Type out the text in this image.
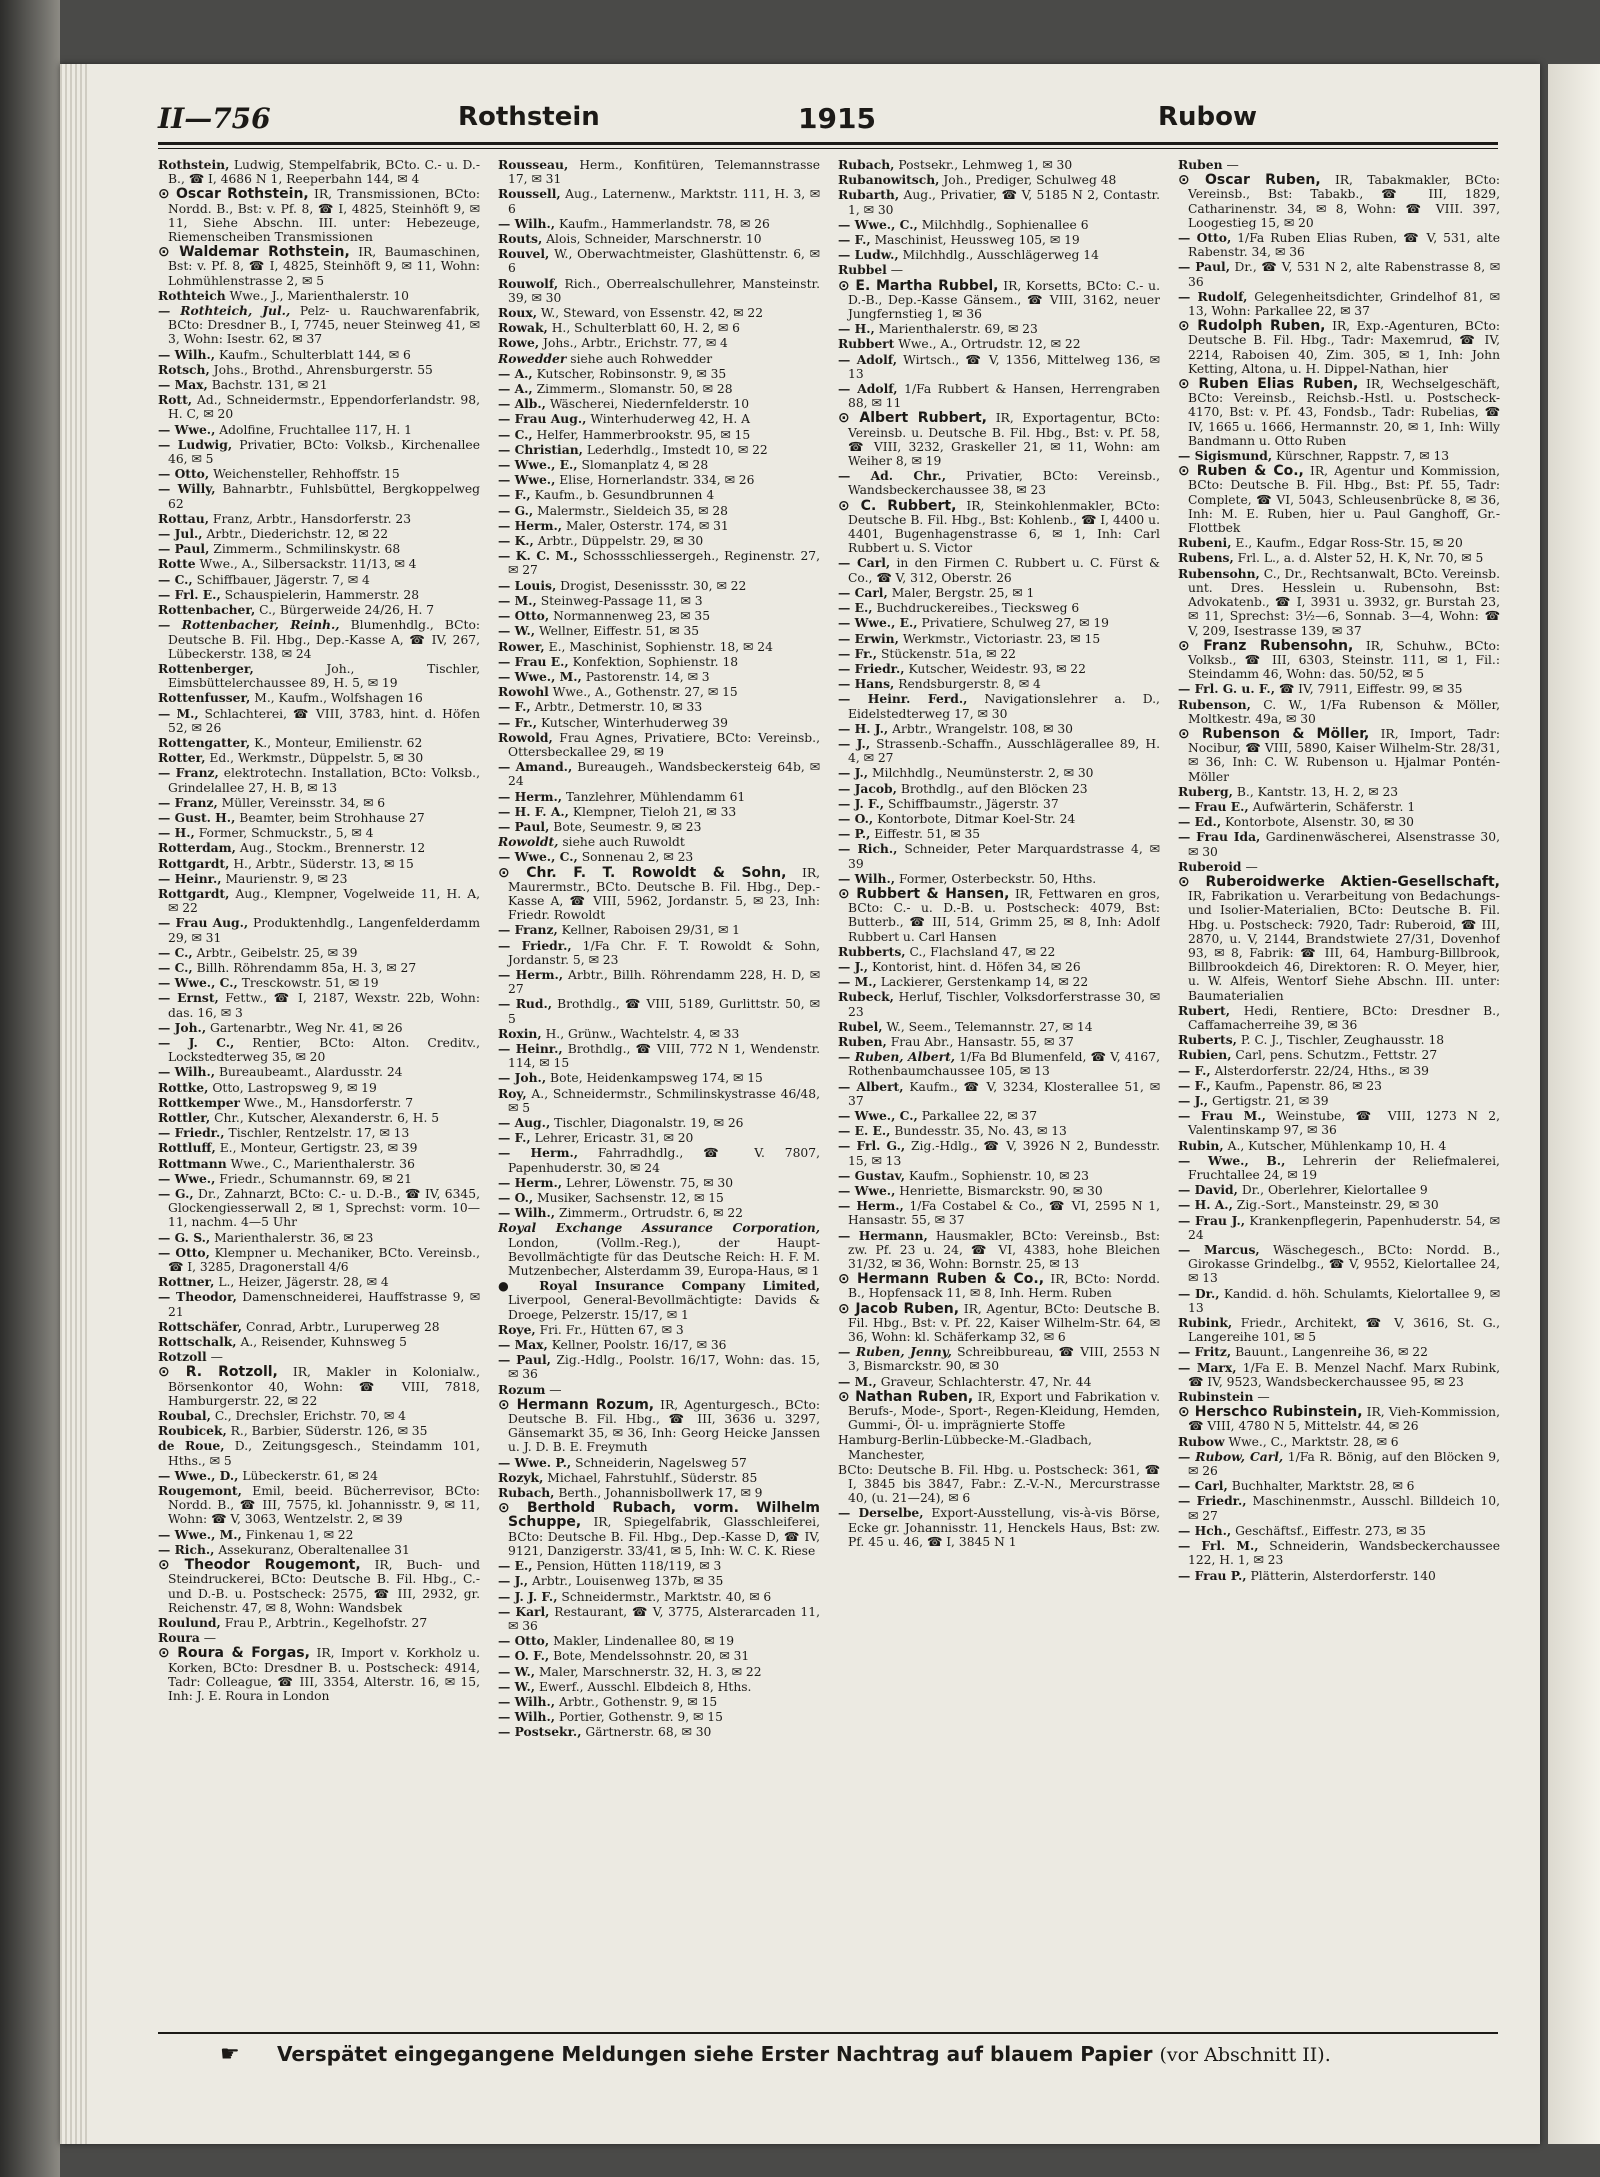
II—756	Rothstein	1915	Rubow
Rothstein, Ludwig, Stempelfabrik, BCto. C.- u. D.-B., ☎ I, 4686 N 1, Reeperbahn 144, ✉ 4
⊙ Oscar Rothstein, IR, Transmissionen, BCto: Nordd. B., Bst: v. Pf. 8, ☎ I, 4825, Steinhöft 9, ✉ 11, Siehe Abschn. III. unter: Hebezeuge, Riemenscheiben Transmissionen
⊙ Waldemar Rothstein, IR, Baumaschinen, Bst: v. Pf. 8, ☎ I, 4825, Steinhöft 9, ✉ 11, Wohn: Lohmühlenstrasse 2, ✉ 5
Rothteich Wwe., J., Marienthalerstr. 10
— Rothteich, Jul., Pelz- u. Rauchwarenfabrik, BCto: Dresdner B., I, 7745, neuer Steinweg 41, ✉ 3, Wohn: Isestr. 62, ✉ 37
— Wilh., Kaufm., Schulterblatt 144, ✉ 6
Rotsch, Johs., Brothd., Ahrensburgerstr. 55
— Max, Bachstr. 131, ✉ 21
Rott, Ad., Schneidermstr., Eppendorferlandstr. 98, H. C, ✉ 20
— Wwe., Adolfine, Fruchtallee 117, H. 1
— Ludwig, Privatier, BCto: Volksb., Kirchenallee 46, ✉ 5
— Otto, Weichensteller, Rehhoffstr. 15
— Willy, Bahnarbtr., Fuhlsbüttel, Bergkoppelweg 62
Rottau, Franz, Arbtr., Hansdorferstr. 23
— Jul., Arbtr., Diederichstr. 12, ✉ 22
— Paul, Zimmerm., Schmilinskystr. 68
Rotte Wwe., A., Silbersackstr. 11/13, ✉ 4
— C., Schiffbauer, Jägerstr. 7, ✉ 4
— Frl. E., Schauspielerin, Hammerstr. 28
Rottenbacher, C., Bürgerweide 24/26, H. 7
— Rottenbacher, Reinh., Blumenhdlg., BCto: Deutsche B. Fil. Hbg., Dep.-Kasse A, ☎ IV, 267, Lübeckerstr. 138, ✉ 24
Rottenberger,	Joh., Tischler, Eimsbüttelerchaussee 89, H. 5, ✉ 19
Rottenfusser, M., Kaufm., Wolfshagen 16
— M., Schlachterei, ☎ VIII, 3783, hint. d. Höfen 52, ✉ 26
Rottengatter, K., Monteur, Emilienstr. 62
Rotter, Ed., Werkmstr., Düppelstr. 5, ✉ 30
— Franz, elektrotechn. Installation, BCto: Volksb., Grindelallee 27, H. B, ✉ 13
— Franz, Müller, Vereinsstr. 34, ✉ 6
— Gust. H., Beamter, beim Strohhause 27
— H., Former, Schmuckstr., 5, ✉ 4
Rotterdam, Aug., Stockm., Brennerstr. 12
Rottgardt, H., Arbtr., Süderstr. 13, ✉ 15
— Heinr., Maurienstr. 9, ✉ 23
Rottgardt, Aug., Klempner, Vogelweide 11, H. A, ✉ 22
— Frau Aug., Produktenhdlg., Langenfelderdamm 29, ✉ 31
— C., Arbtr., Geibelstr. 25, ✉ 39
— C., Billh. Röhrendamm 85a, H. 3, ✉ 27
— Wwe., C., Tresckowstr. 51, ✉ 19
— Ernst, Fettw., ☎ I, 2187, Wexstr. 22b, Wohn: das. 16, ✉ 3
— Joh., Gartenarbtr., Weg Nr. 41, ✉ 26
— J. C., Rentier, BCto: Alton. Creditv., Lockstedterweg 35, ✉ 20
— Wilh., Bureaubeamt., Alardusstr. 24
Rottke, Otto, Lastropsweg 9, ✉ 19
Rottkemper Wwe., M., Hansdorferstr. 7
Rottler, Chr., Kutscher, Alexanderstr. 6, H. 5
— Friedr., Tischler, Rentzelstr. 17, ✉ 13
Rottluff, E., Monteur, Gertigstr. 23, ✉ 39
Rottmann Wwe., C., Marienthalerstr. 36
— Wwe., Friedr., Schumannstr. 69, ✉ 21
— G., Dr., Zahnarzt, BCto: C.- u. D.-B., ☎ IV, 6345, Glockengiesserwall 2, ✉ 1, Sprechst: vorm. 10—11, nachm. 4—5 Uhr
— G. S., Marienthalerstr. 36, ✉ 23
— Otto, Klempner u. Mechaniker, BCto. Vereinsb., ☎ I, 3285, Dragonerstall 4/6
Rottner, L., Heizer, Jägerstr. 28, ✉ 4
— Theodor, Damenschneiderei, Hauffstrasse 9, ✉ 21
Rottschäfer, Conrad, Arbtr., Luruperweg 28
Rottschalk, A., Reisender, Kuhnsweg 5
Rotzoll —
⊙ R. Rotzoll, IR, Makler in Kolonialw., Börsenkontor 40, Wohn: ☎ VIII, 7818, Hamburgerstr. 22, ✉ 22
Roubal, C., Drechsler, Erichstr. 70, ✉ 4
Roubicek, R., Barbier, Süderstr. 126, ✉ 35
de Roue, D., Zeitungsgesch., Steindamm 101, Hths., ✉ 5
— Wwe., D., Lübeckerstr. 61, ✉ 24
Rougemont, Emil, beeid. Bücherrevisor, BCto: Nordd. B., ☎ III, 7575, kl. Johannisstr. 9, ✉ 11, Wohn: ☎ V, 3063, Wentzelstr. 2, ✉ 39
— Wwe., M., Finkenau 1, ✉ 22
— Rich., Assekuranz, Oberaltenallee 31
⊙ Theodor Rougemont, IR, Buch- und Steindruckerei, BCto: Deutsche B. Fil. Hbg., C.- und D.-B. u. Postscheck: 2575, ☎ III, 2932, gr. Reichenstr. 47, ✉ 8, Wohn: Wandsbek
Roulund, Frau P., Arbtrin., Kegelhofstr. 27
Roura —
⊙ Roura & Forgas, IR, Import v. Korkholz u. Korken, BCto: Dresdner B. u. Postscheck: 4914, Tadr: Colleague, ☎ III, 3354, Alterstr. 16, ✉ 15, Inh: J. E. Roura in London
Rousseau, Herm., Konfitüren, Telemannstrasse 17, ✉ 31
Roussell, Aug., Laternenw., Marktstr. 111, H. 3, ✉ 6
— Wilh., Kaufm., Hammerlandstr. 78, ✉ 26
Routs, Alois, Schneider, Marschnerstr. 10
Rouvel, W., Oberwachtmeister, Glashüttenstr. 6, ✉ 6
Rouwolf, Rich., Oberrealschullehrer, Mansteinstr. 39, ✉ 30
Roux, W., Steward, von Essenstr. 42, ✉ 22
Rowak, H., Schulterblatt 60, H. 2, ✉ 6
Rowe, Johs., Arbtr., Erichstr. 77, ✉ 4
Rowedder siehe auch Rohwedder
— A., Kutscher, Robinsonstr. 9, ✉ 35
— A., Zimmerm., Slomanstr. 50, ✉ 28
— Alb., Wäscherei, Niedernfelderstr. 10
— Frau Aug., Winterhuderweg 42, H. A
— C., Helfer, Hammerbrookstr. 95, ✉ 15
— Christian, Lederhdlg., Imstedt 10, ✉ 22
— Wwe., E., Slomanplatz 4, ✉ 28
— Wwe., Elise, Hornerlandstr. 334, ✉ 26
— F., Kaufm., b. Gesundbrunnen 4
— G., Malermstr., Sieldeich 35, ✉ 28
— Herm., Maler, Osterstr. 174, ✉ 31
— K., Arbtr., Düppelstr. 29, ✉ 30
— K. C. M., Schossschliessergeh., Reginenstr. 27, ✉ 27
— Louis, Drogist, Desenissstr. 30, ✉ 22
— M., Steinweg-Passage 11, ✉ 3
— Otto, Normannenweg 23, ✉ 35
— W., Wellner, Eiffestr. 51, ✉ 35
Rower, E., Maschinist, Sophienstr. 18, ✉ 24
— Frau E., Konfektion, Sophienstr. 18
— Wwe., M., Pastorenstr. 14, ✉ 3
Rowohl Wwe., A., Gothenstr. 27, ✉ 15
— F., Arbtr., Detmerstr. 10, ✉ 33
— Fr., Kutscher, Winterhuderweg 39
Rowold, Frau Agnes, Privatiere, BCto: Vereinsb., Ottersbeckallee 29, ✉ 19
— Amand., Bureaugeh., Wandsbeckersteig 64b, ✉ 24
— Herm., Tanzlehrer, Mühlendamm 61
— H. F. A., Klempner, Tieloh 21, ✉ 33
— Paul, Bote, Seumestr. 9, ✉ 23
Rowoldt, siehe auch Ruwoldt
— Wwe., C., Sonnenau 2, ✉ 23
⊙ Chr. F. T. Rowoldt & Sohn, IR, Maurermstr., BCto. Deutsche B. Fil. Hbg., Dep.-Kasse A, ☎ VIII, 5962, Jordanstr. 5, ✉ 23, Inh: Friedr. Rowoldt
— Franz, Kellner, Raboisen 29/31, ✉ 1
— Friedr., 1/Fa Chr. F. T. Rowoldt & Sohn, Jordanstr. 5, ✉ 23
— Herm., Arbtr., Billh. Röhrendamm 228, H. D, ✉ 27
— Rud., Brothdlg., ☎ VIII, 5189, Gurlittstr. 50, ✉ 5
Roxin, H., Grünw., Wachtelstr. 4, ✉ 33
— Heinr., Brothdlg., ☎ VIII, 772 N 1, Wendenstr. 114, ✉ 15
— Joh., Bote, Heidenkampsweg 174, ✉ 15
Roy, A., Schneidermstr., Schmilinskystrasse 46/48, ✉ 5
— Aug., Tischler, Diagonalstr. 19, ✉ 26
— F., Lehrer, Ericastr. 31, ✉ 20
— Herm., Fahrradhdlg., ☎ V. 7807, Papenhuderstr. 30, ✉ 24
— Herm., Lehrer, Löwenstr. 75, ✉ 30
— O., Musiker, Sachsenstr. 12, ✉ 15
— Wilh., Zimmerm., Ortrudstr. 6, ✉ 22
Royal Exchange Assurance Corporation, London, (Vollm.-Reg.), der Haupt-Bevollmächtigte für das Deutsche Reich: H. F. M. Mutzenbecher, Alsterdamm 39, Europa-Haus, ✉ 1
● Royal Insurance Company Limited, Liverpool, General-Bevollmächtigte: Davids & Droege, Pelzerstr. 15/17, ✉ 1
Roye, Fri. Fr., Hütten 67, ✉ 3
— Max, Kellner, Poolstr. 16/17, ✉ 36
— Paul, Zig.-Hdlg., Poolstr. 16/17, Wohn: das. 15, ✉ 36
Rozum —
⊙ Hermann Rozum, IR, Agenturgesch., BCto: Deutsche B. Fil. Hbg., ☎ III, 3636 u. 3297, Gänsemarkt 35, ✉ 36, Inh: Georg Heicke Janssen u. J. D. B. E. Freymuth
— Wwe. P., Schneiderin, Nagelsweg 57
Rozyk, Michael, Fahrstuhlf., Süderstr. 85
Rubach, Berth., Johannisbollwerk 17, ✉ 9
⊙ Berthold Rubach, vorm. Wilhelm Schuppe, IR, Spiegelfabrik, Glasschleiferei, BCto: Deutsche B. Fil. Hbg., Dep.-Kasse D, ☎ IV, 9121, Danzigerstr. 33/41, ✉ 5, Inh: W. C. K. Riese
— E., Pension, Hütten 118/119, ✉ 3
— J., Arbtr., Louisenweg 137b, ✉ 35
— J. J. F., Schneidermstr., Marktstr. 40, ✉ 6
— Karl, Restaurant, ☎ V, 3775, Alsterarcaden 11, ✉ 36
— Otto, Makler, Lindenallee 80, ✉ 19
— O. F., Bote, Mendelssohnstr. 20, ✉ 31
— W., Maler, Marschnerstr. 32, H. 3, ✉ 22
— W., Ewerf., Ausschl. Elbdeich 8, Hths.
— Wilh., Arbtr., Gothenstr. 9, ✉ 15
— Wilh., Portier, Gothenstr. 9, ✉ 15
— Postsekr., Gärtnerstr. 68, ✉ 30
Rubach, Postsekr., Lehmweg 1, ✉ 30
Rubanowitsch, Joh., Prediger, Schulweg 48
Rubarth, Aug., Privatier, ☎ V, 5185 N 2, Contastr. 1, ✉ 30
— Wwe., C., Milchhdlg., Sophienallee 6
— F., Maschinist, Heussweg 105, ✉ 19
— Ludw., Milchhdlg., Ausschlägerweg 14
Rubbel —
⊙ E. Martha Rubbel, IR, Korsetts, BCto: C.- u. D.-B., Dep.-Kasse Gänsem., ☎ VIII, 3162, neuer Jungfernstieg 1, ✉ 36
— H., Marienthalerstr. 69, ✉ 23
Rubbert Wwe., A., Ortrudstr. 12, ✉ 22
— Adolf, Wirtsch., ☎ V, 1356, Mittelweg 136, ✉ 13
— Adolf, 1/Fa Rubbert & Hansen, Herrengraben 88, ✉ 11
⊙ Albert Rubbert, IR, Exportagentur, BCto: Vereinsb. u. Deutsche B. Fil. Hbg., Bst: v. Pf. 58, ☎ VIII, 3232, Graskeller 21, ✉ 11, Wohn: am Weiher 8, ✉ 19
— Ad. Chr., Privatier, BCto: Vereinsb., Wandsbeckerchaussee 38, ✉ 23
⊙ C. Rubbert, IR, Steinkohlenmakler, BCto: Deutsche B. Fil. Hbg., Bst: Kohlenb., ☎ I, 4400 u. 4401, Bugenhagenstrasse 6, ✉ 1, Inh: Carl Rubbert u. S. Victor
— Carl, in den Firmen C. Rubbert u. C. Fürst & Co., ☎ V, 312, Oberstr. 26
— Carl, Maler, Bergstr. 25, ✉ 1
— E., Buchdruckereibes., Tiecksweg 6
— Wwe., E., Privatiere, Schulweg 27, ✉ 19
— Erwin, Werkmstr., Victoriastr. 23, ✉ 15
— Fr., Stückenstr. 51a, ✉ 22
— Friedr., Kutscher, Weidestr. 93, ✉ 22
— Hans, Rendsburgerstr. 8, ✉ 4
— Heinr. Ferd., Navigationslehrer a. D., Eidelstedterweg 17, ✉ 30
— H. J., Arbtr., Wrangelstr. 108, ✉ 30
— J., Strassenb.-Schaffn., Ausschlägerallee 89, H. 4, ✉ 27
— J., Milchhdlg., Neumünsterstr. 2, ✉ 30
— Jacob, Brothdlg., auf den Blöcken 23
— J. F., Schiffbaumstr., Jägerstr. 37
— O., Kontorbote, Ditmar Koel-Str. 24
— P., Eiffestr. 51, ✉ 35
— Rich., Schneider, Peter Marquardstrasse 4, ✉ 39
— Wilh., Former, Osterbeckstr. 50, Hths.
⊙ Rubbert & Hansen, IR, Fettwaren en gros, BCto: C.- u. D.-B. u. Postscheck: 4079, Bst: Butterb., ☎ III, 514, Grimm 25, ✉ 8, Inh: Adolf Rubbert u. Carl Hansen
Rubberts, C., Flachsland 47, ✉ 22
— J., Kontorist, hint. d. Höfen 34, ✉ 26
— M., Lackierer, Gerstenkamp 14, ✉ 22
Rubeck, Herluf, Tischler, Volksdorferstrasse 30, ✉ 23
Rubel, W., Seem., Telemannstr. 27, ✉ 14
Ruben, Frau Abr., Hansastr. 55, ✉ 37
— Ruben, Albert, 1/Fa Bd Blumenfeld, ☎ V, 4167, Rothenbaumchaussee 105, ✉ 13
— Albert, Kaufm., ☎ V, 3234, Klosterallee 51, ✉ 37
— Wwe., C., Parkallee 22, ✉ 37
— E. E., Bundesstr. 35, No. 43, ✉ 13
— Frl. G., Zig.-Hdlg., ☎ V, 3926 N 2, Bundesstr. 15, ✉ 13
— Gustav, Kaufm., Sophienstr. 10, ✉ 23
— Wwe., Henriette, Bismarckstr. 90, ✉ 30
— Herm., 1/Fa Costabel & Co., ☎ VI, 2595 N 1, Hansastr. 55, ✉ 37
— Hermann, Hausmakler, BCto: Vereinsb., Bst: zw. Pf. 23 u. 24, ☎ VI, 4383, hohe Bleichen 31/32, ✉ 36, Wohn: Bornstr. 25, ✉ 13
⊙ Hermann Ruben & Co., IR, BCto: Nordd. B., Hopfensack 11, ✉ 8, Inh. Herm. Ruben
⊙ Jacob Ruben, IR, Agentur, BCto: Deutsche B. Fil. Hbg., Bst: v. Pf. 22, Kaiser Wilhelm-Str. 64, ✉ 36, Wohn: kl. Schäferkamp 32, ✉ 6
— Ruben, Jenny, Schreibbureau, ☎ VIII, 2553 N 3, Bismarckstr. 90, ✉ 30
— M., Graveur, Schlachterstr. 47, Nr. 44
⊙ Nathan Ruben, IR, Export und Fabrikation v. Berufs-, Mode-, Sport-, Regen-Kleidung, Hemden, Gummi-, Öl- u. imprägnierte Stoffe
Hamburg-Berlin-Lübbecke-M.-Gladbach, Manchester,
BCto: Deutsche B. Fil. Hbg. u. Postscheck: 361, ☎ I, 3845 bis 3847, Fabr.: Z.-V.-N., Mercurstrasse 40, (u. 21—24), ✉ 6
— Derselbe, Export-Ausstellung, vis-à-vis Börse, Ecke gr. Johannisstr. 11, Henckels Haus, Bst: zw. Pf. 45 u. 46, ☎ I, 3845 N 1
Ruben —
⊙ Oscar Ruben, IR, Tabakmakler, BCto: Vereinsb., Bst: Tabakb., ☎ III, 1829, Catharinenstr. 34, ✉ 8, Wohn: ☎ VIII. 397, Loogestieg 15, ✉ 20
— Otto, 1/Fa Ruben Elias Ruben, ☎ V, 531, alte Rabenstr. 34, ✉ 36
— Paul, Dr., ☎ V, 531 N 2, alte Rabenstrasse 8, ✉ 36
— Rudolf, Gelegenheitsdichter, Grindelhof 81, ✉ 13, Wohn: Parkallee 22, ✉ 37
⊙ Rudolph Ruben, IR, Exp.-Agenturen, BCto: Deutsche B. Fil. Hbg., Tadr: Maxemrud, ☎ IV, 2214, Raboisen 40, Zim. 305, ✉ 1, Inh: John Ketting, Altona, u. H. Dippel-Nathan, hier
⊙ Ruben Elias Ruben, IR, Wechselgeschäft, BCto: Vereinsb., Reichsb.-Hstl. u. Postscheck-4170, Bst: v. Pf. 43, Fondsb., Tadr: Rubelias, ☎ IV, 1665 u. 1666, Hermannstr. 20, ✉ 1, Inh: Willy Bandmann u. Otto Ruben
— Sigismund, Kürschner, Rappstr. 7, ✉ 13
⊙ Ruben & Co., IR, Agentur und Kommission, BCto: Deutsche B. Fil. Hbg., Bst: Pf. 55, Tadr: Complete, ☎ VI, 5043, Schleusenbrücke 8, ✉ 36, Inh: M. E. Ruben, hier u. Paul Ganghoff, Gr.-Flottbek
Rubeni, E., Kaufm., Edgar Ross-Str. 15, ✉ 20
Rubens, Frl. L., a. d. Alster 52, H. K, Nr. 70, ✉ 5
Rubensohn, C., Dr., Rechtsanwalt, BCto. Vereinsb. unt. Dres. Hesslein u. Rubensohn, Bst: Advokatenb., ☎ I, 3931 u. 3932, gr. Burstah 23, ✉ 11, Sprechst: 3½—6, Sonnab. 3—4, Wohn: ☎ V, 209, Isestrasse 139, ✉ 37
⊙ Franz Rubensohn, IR, Schuhw., BCto: Volksb., ☎ III, 6303, Steinstr. 111, ✉ 1, Fil.: Steindamm 46, Wohn: das. 50/52, ✉ 5
— Frl. G. u. F., ☎ IV, 7911, Eiffestr. 99, ✉ 35
Rubenson, C. W., 1/Fa Rubenson & Möller, Moltkestr. 49a, ✉ 30
⊙ Rubenson & Möller, IR, Import, Tadr: Nocibur, ☎ VIII, 5890, Kaiser Wilhelm-Str. 28/31, ✉ 36, Inh: C. W. Rubenson u. Hjalmar Pontén-Möller
Ruberg, B., Kantstr. 13, H. 2, ✉ 23
— Frau E., Aufwärterin, Schäferstr. 1
— Ed., Kontorbote, Alsenstr. 30, ✉ 30
— Frau Ida, Gardinenwäscherei, Alsenstrasse 30, ✉ 30
Ruberoid —
⊙ Ruberoidwerke Aktien-Gesellschaft, IR, Fabrikation u. Verarbeitung von Bedachungs- und Isolier-Materialien, BCto: Deutsche B. Fil. Hbg. u. Postscheck: 7920, Tadr: Ruberoid, ☎ III, 2870, u. V, 2144, Brandstwiete 27/31, Dovenhof 93, ✉ 8, Fabrik: ☎ III, 64, Hamburg-Billbrook, Billbrookdeich 46, Direktoren: R. O. Meyer, hier, u. W. Alfeis, Wentorf Siehe Abschn. III. unter: Baumaterialien
Rubert, Hedi, Rentiere, BCto: Dresdner B., Caffamacherreihe 39, ✉ 36
Ruberts, P. C. J., Tischler, Zeughausstr. 18
Rubien, Carl, pens. Schutzm., Fettstr. 27
— F., Alsterdorferstr. 22/24, Hths., ✉ 39
— F., Kaufm., Papenstr. 86, ✉ 23
— J., Gertigstr. 21, ✉ 39
— Frau M., Weinstube, ☎ VIII, 1273 N 2, Valentinskamp 97, ✉ 36
Rubin, A., Kutscher, Mühlenkamp 10, H. 4
— Wwe., B., Lehrerin der Reliefmalerei, Fruchtallee 24, ✉ 19
— David, Dr., Oberlehrer, Kielortallee 9
— H. A., Zig.-Sort., Mansteinstr. 29, ✉ 30
— Frau J., Krankenpflegerin, Papenhuderstr. 54, ✉ 24
— Marcus, Wäschegesch., BCto: Nordd. B., Girokasse Grindelbg., ☎ V, 9552, Kielortallee 24, ✉ 13
— Dr., Kandid. d. höh. Schulamts, Kielortallee 9, ✉ 13
Rubink, Friedr., Architekt, ☎ V, 3616, St. G., Langereihe 101, ✉ 5
— Fritz, Bauunt., Langenreihe 36, ✉ 22
— Marx, 1/Fa E. B. Menzel Nachf. Marx Rubink, ☎ IV, 9523, Wandsbeckerchaussee 95, ✉ 23
Rubinstein —
⊙ Herschco Rubinstein, IR, Vieh-Kommission, ☎ VIII, 4780 N 5, Mittelstr. 44, ✉ 26
Rubow Wwe., C., Marktstr. 28, ✉ 6
— Rubow, Carl, 1/Fa R. Bönig, auf den Blöcken 9, ✉ 26
— Carl, Buchhalter, Marktstr. 28, ✉ 6
— Friedr., Maschinenmstr., Ausschl. Billdeich 10, ✉ 27
— Hch., Geschäftsf., Eiffestr. 273, ✉ 35
— Frl. M., Schneiderin, Wandsbeckerchaussee 122, H. 1, ✉ 23
— Frau P., Plätterin, Alsterdorferstr. 140
☛ Verspätet eingegangene Meldungen siehe Erster Nachtrag auf blauem Papier (vor Abschnitt II).
